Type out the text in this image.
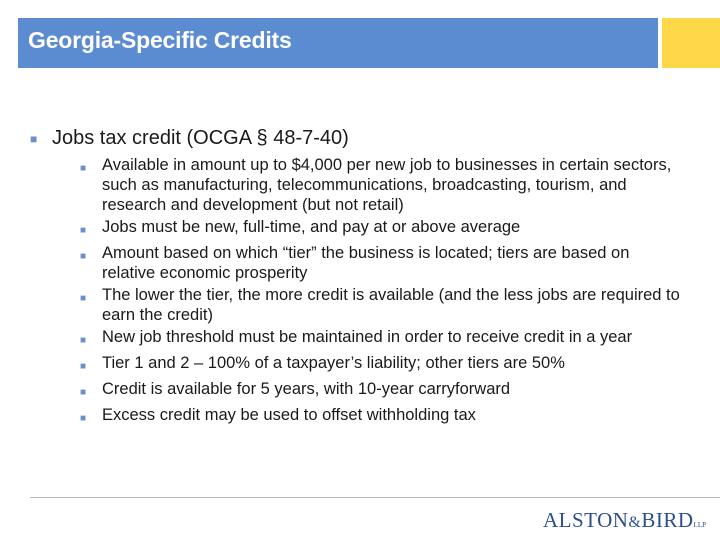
Georgia-Specific Credits
■ Jobs tax credit (OCGA § 48-7-40)
■ Available in amount up to $4,000 per new job to businesses in certain sectors, such as manufacturing, telecommunications, broadcasting, tourism, and research and development (but not retail)
■ Jobs must be new, full-time, and pay at or above average
■ Amount based on which “tier” the business is located; tiers are based on relative economic prosperity
■ The lower the tier, the more credit is available (and the less jobs are required to earn the credit)
■ New job threshold must be maintained in order to receive credit in a year
■ Tier 1 and 2 – 100% of a taxpayer’s liability; other tiers are 50%
■ Credit is available for 5 years, with 10-year carryforward
■ Excess credit may be used to offset withholding tax
ALSTON&BIRDLLP
